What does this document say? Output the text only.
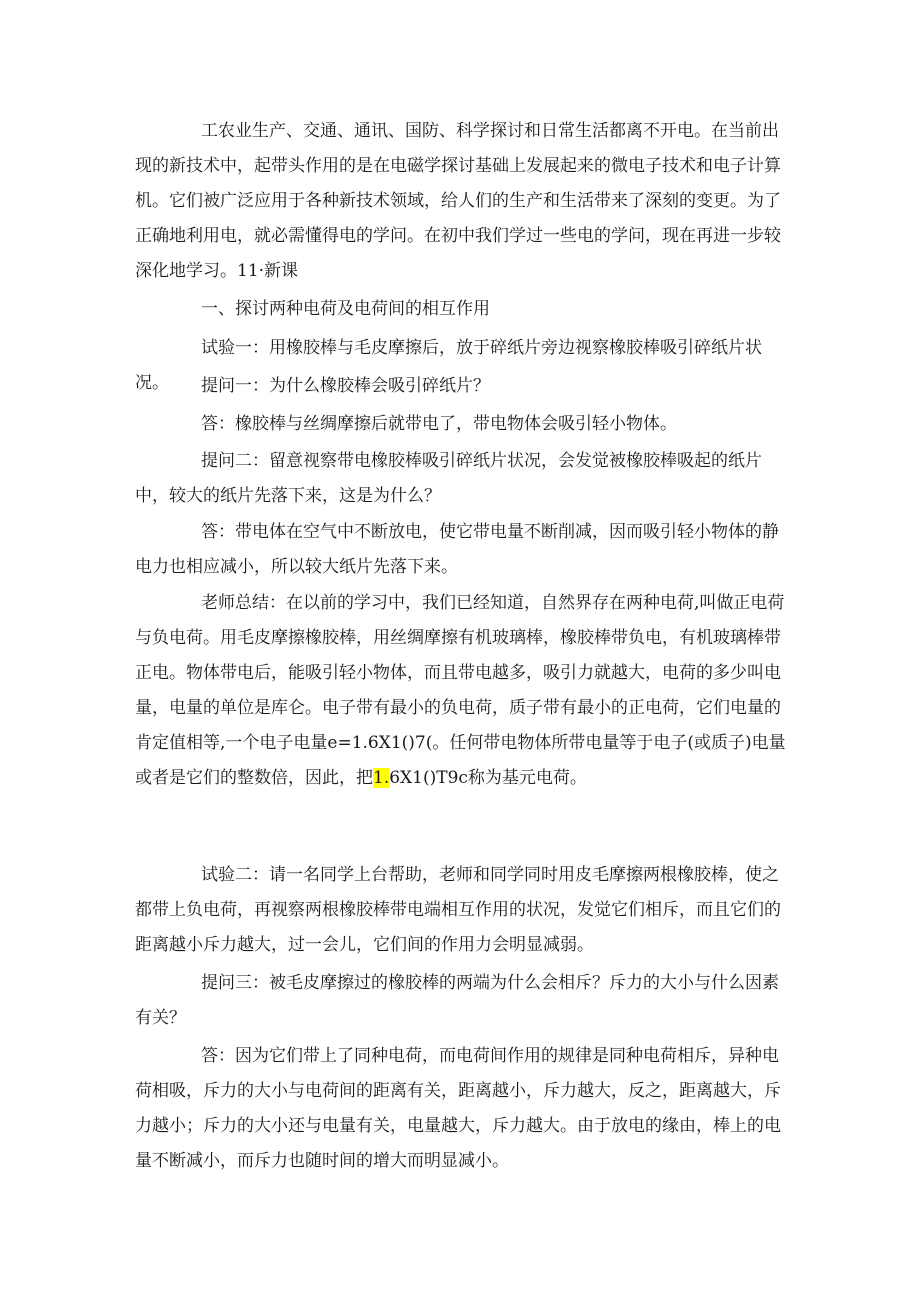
工农业生产、交通、通讯、国防、科学探讨和日常生活都离不开电。在当前出现的新技术中，起带头作用的是在电磁学探讨基础上发展起来的微电子技术和电子计算机。它们被广泛应用于各种新技术领域，给人们的生产和生活带来了深刻的变更。为了正确地利用电，就必需懂得电的学问。在初中我们学过一些电的学问，现在再进一步较深化地学习。11·新课

一、探讨两种电荷及电荷间的相互作用

试验一：用橡胶棒与毛皮摩擦后，放于碎纸片旁边视察橡胶棒吸引碎纸片状况。	提问一：为什么橡胶棒会吸引碎纸片？

答：橡胶棒与丝绸摩擦后就带电了，带电物体会吸引轻小物体。

提问二：留意视察带电橡胶棒吸引碎纸片状况，会发觉被橡胶棒吸起的纸片中，较大的纸片先落下来，这是为什么？

答：带电体在空气中不断放电，使它带电量不断削减，因而吸引轻小物体的静电力也相应减小，所以较大纸片先落下来。

老师总结：在以前的学习中，我们已经知道，自然界存在两种电荷,叫做正电荷与负电荷。用毛皮摩擦橡胶棒，用丝绸摩擦有机玻璃棒，橡胶棒带负电，有机玻璃棒带正电。物体带电后，能吸引轻小物体，而且带电越多，吸引力就越大，电荷的多少叫电量，电量的单位是库仑。电子带有最小的负电荷，质子带有最小的正电荷，它们电量的肯定值相等,一个电子电量e=1.6X1()7(。任何带电物体所带电量等于电子(或质子)电量或者是它们的整数倍，因此，把1.6X1()T9c称为基元电荷。

试验二：请一名同学上台帮助，老师和同学同时用皮毛摩擦两根橡胶棒，使之都带上负电荷，再视察两根橡胶棒带电端相互作用的状况，发觉它们相斥，而且它们的距离越小斥力越大，过一会儿，它们间的作用力会明显减弱。

提问三：被毛皮摩擦过的橡胶棒的两端为什么会相斥？斥力的大小与什么因素有关？

答：因为它们带上了同种电荷，而电荷间作用的规律是同种电荷相斥，异种电荷相吸，斥力的大小与电荷间的距离有关，距离越小，斥力越大，反之，距离越大，斥力越小；斥力的大小还与电量有关，电量越大，斥力越大。由于放电的缘由，棒上的电量不断减小，而斥力也随时间的增大而明显减小。
